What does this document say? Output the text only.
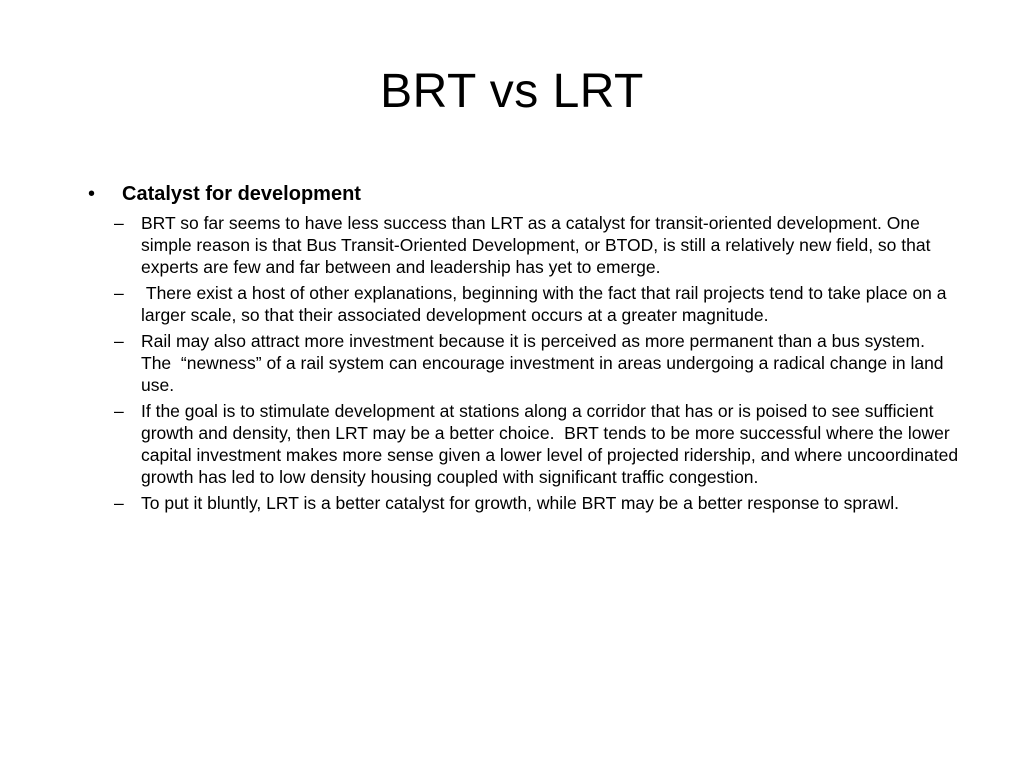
BRT vs LRT
•	Catalyst for development
– BRT so far seems to have less success than LRT as a catalyst for transit-oriented development. One simple reason is that Bus Transit-Oriented Development, or BTOD, is still a relatively new field, so that experts are few and far between and leadership has yet to emerge.
– There exist a host of other explanations, beginning with the fact that rail projects tend to take place on a larger scale, so that their associated development occurs at a greater magnitude.
– Rail may also attract more investment because it is perceived as more permanent than a bus system.  The  “newness” of a rail system can encourage investment in areas undergoing a radical change in land use.
– If the goal is to stimulate development at stations along a corridor that has or is poised to see sufficient growth and density, then LRT may be a better choice.  BRT tends to be more successful where the lower capital investment makes more sense given a lower level of projected ridership, and where uncoordinated growth has led to low density housing coupled with significant traffic congestion.
– To put it bluntly, LRT is a better catalyst for growth, while BRT may be a better response to sprawl.
